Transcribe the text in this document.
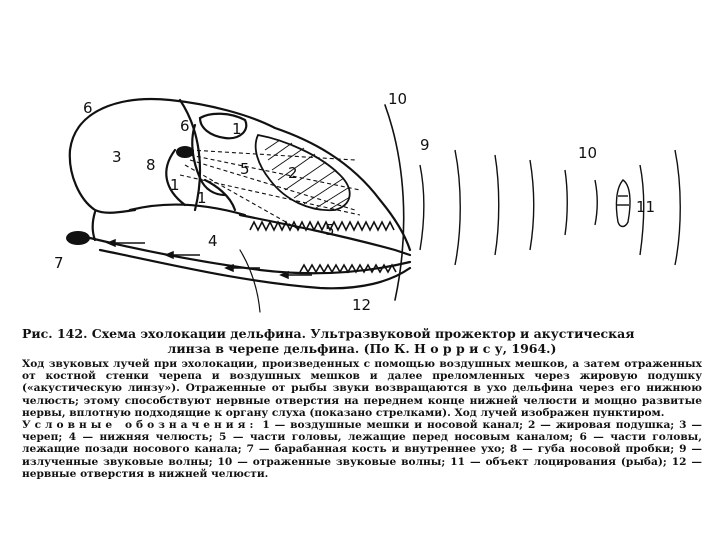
1
1
1
2
3
4
5
5
6
6
7
8
9
10
10
11
12

Рис. 142. Схема эхолокации дельфина. Ультразвуковой прожектор и акустическая
линза в черепе дельфина. (По К. Н о р р и с у, 1964.)

Ход звуковых лучей при эхолокации, произведенных с помощью воздушных мешков, а затем отраженных от костной стенки черепа и воздушных мешков и далее преломленных через жировую подушку («акустическую линзу»). Отраженные от рыбы звуки возвращаются в ухо дельфина через его нижнюю челюсть; этому способствуют нервные отверстия на переднем конце нижней челюсти и мощно развитые нервы, вплотную подходящие к органу слуха (показано стрелками). Ход лучей изображен пунктиром.

Условные обозначения: 1 — воздушные мешки и носовой канал; 2 — жировая подушка; 3 — череп; 4 — нижняя челюсть; 5 — части головы, лежащие перед носовым каналом; 6 — части головы, лежащие позади носового канала; 7 — барабанная кость и внутреннее ухо; 8 — губа носовой пробки; 9 — излученные звуковые волны; 10 — отраженные звуковые волны; 11 — объект лоцирования (рыба); 12 — нервные отверстия в нижней челюсти.
